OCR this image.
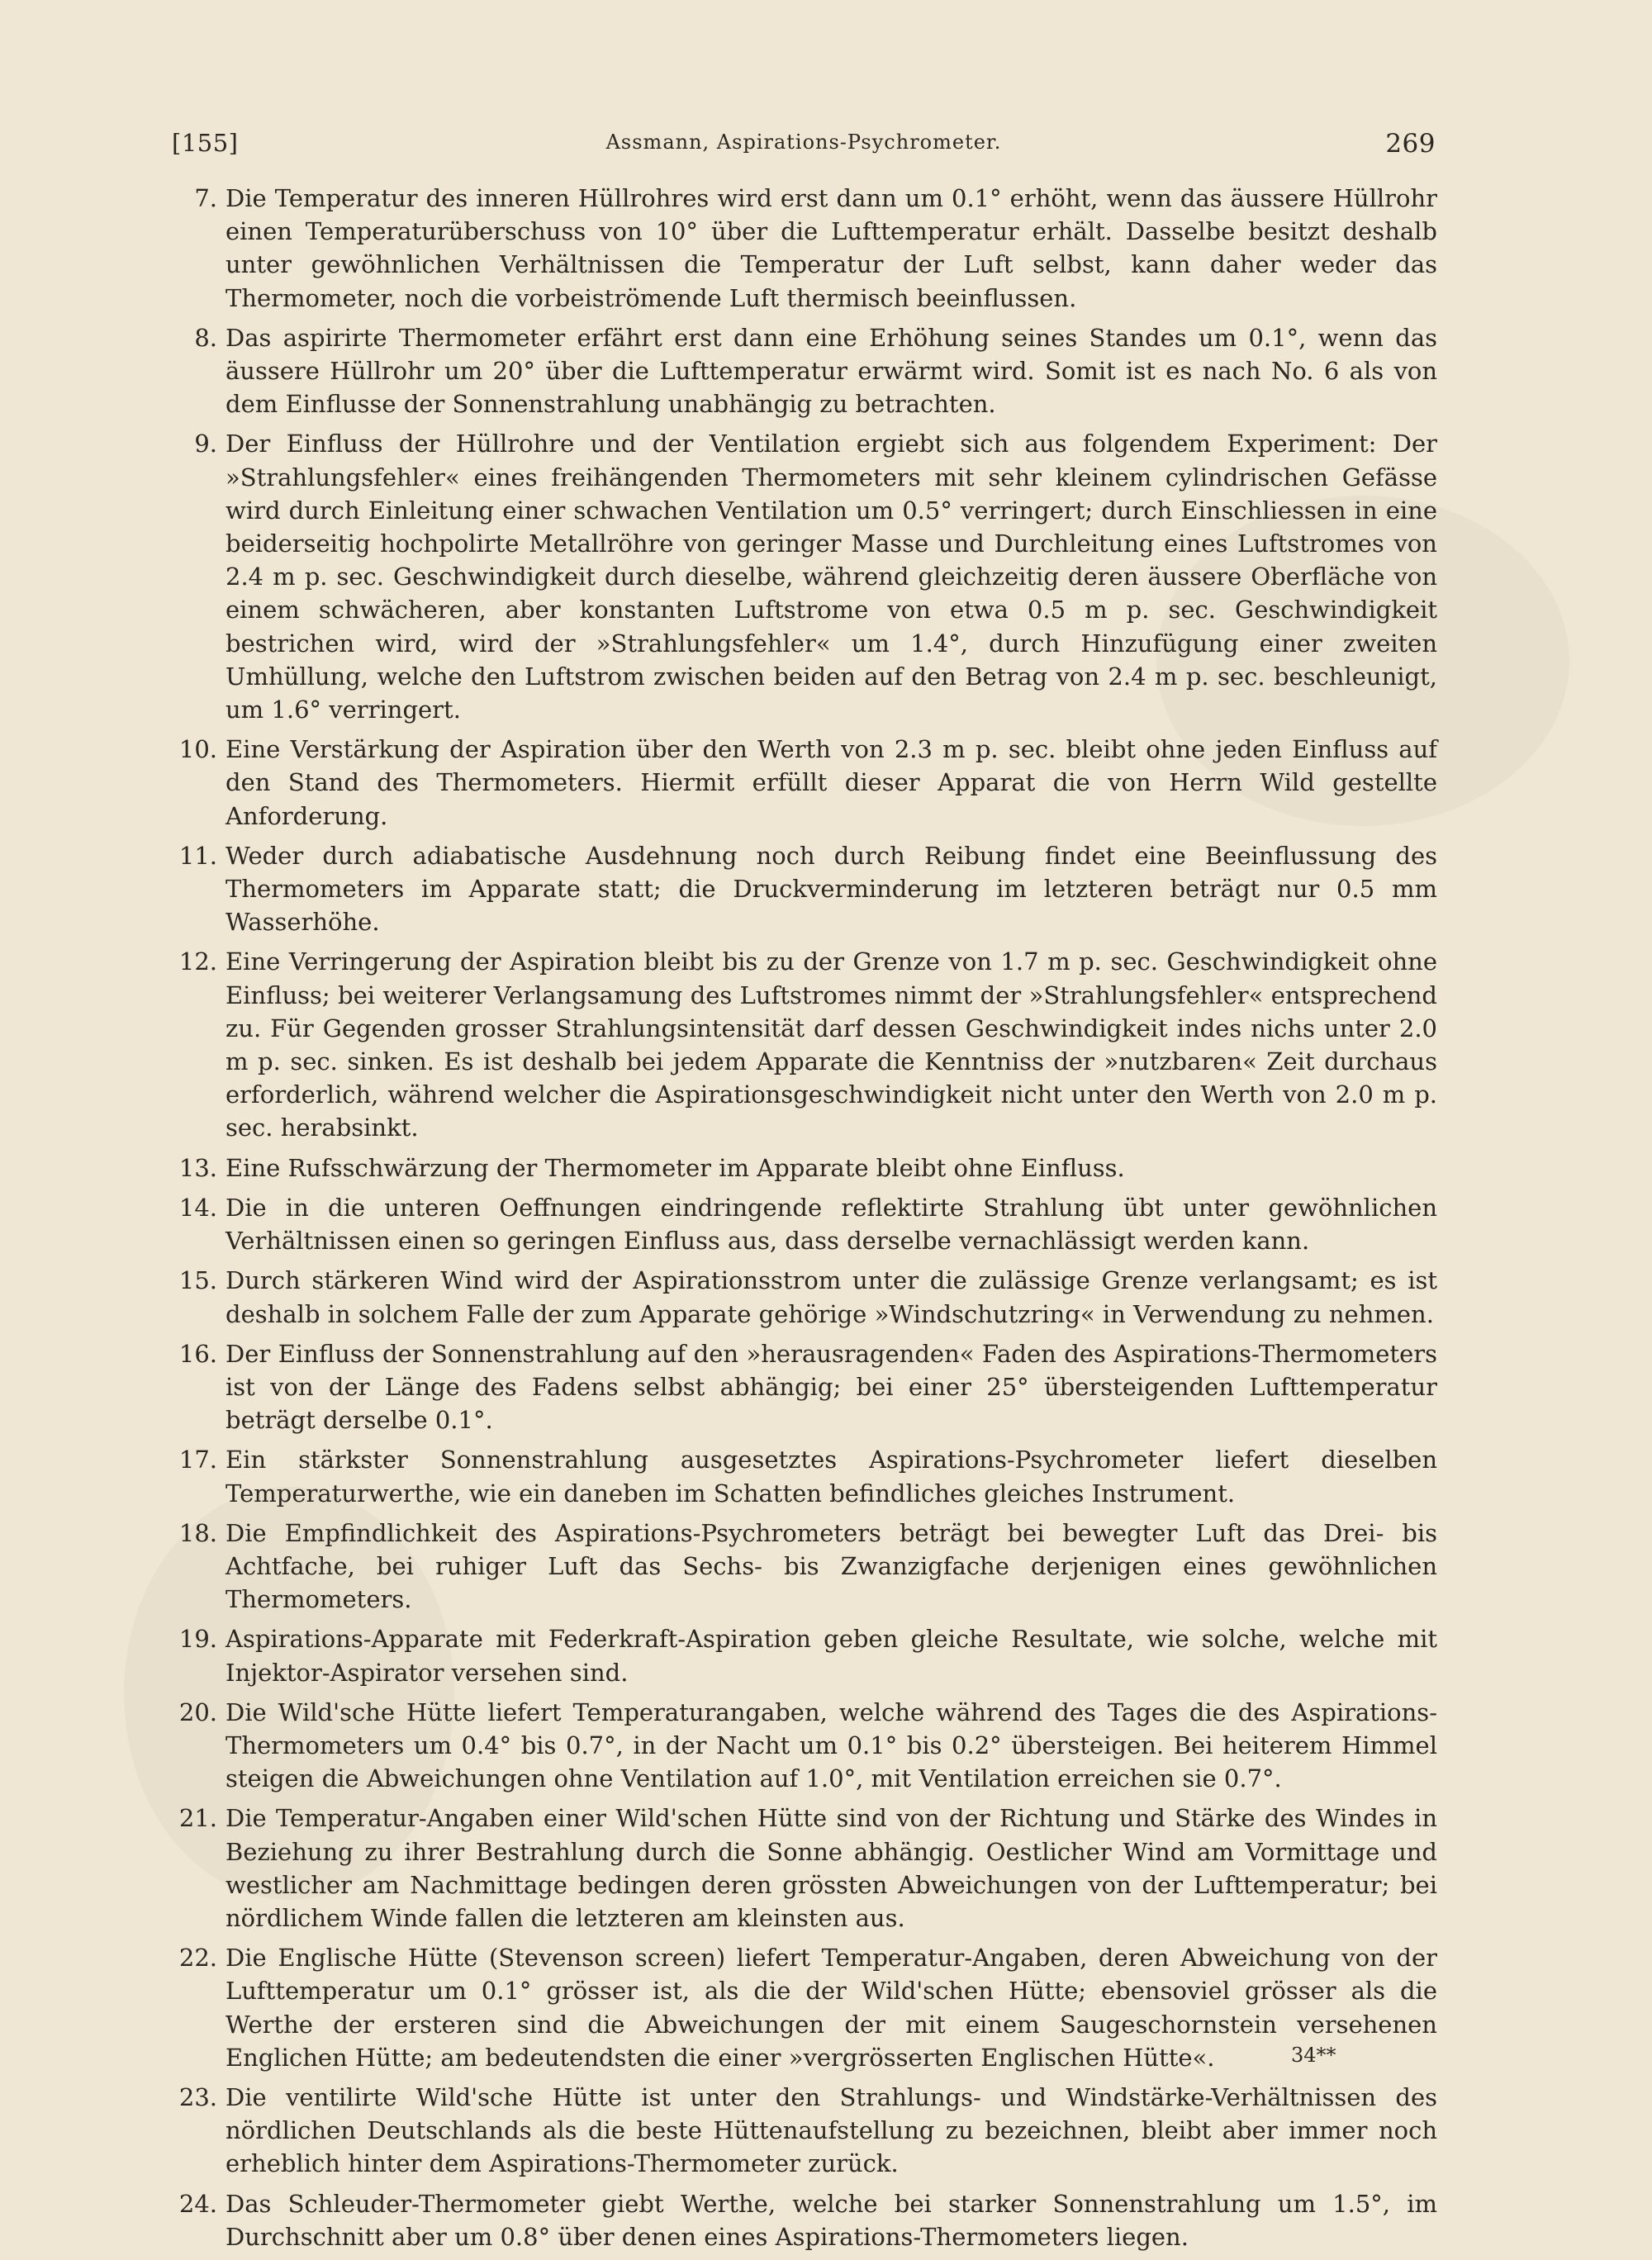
[155]	Assmann, Aspirations-Psychrometer.	269
7. Die Temperatur des inneren Hüllrohres wird erst dann um 0.1° erhöht, wenn das äussere Hüllrohr einen Temperaturüberschuss von 10° über die Lufttemperatur erhält. Dasselbe besitzt deshalb unter gewöhnlichen Verhältnissen die Temperatur der Luft selbst, kann daher weder das Thermometer, noch die vorbeiströmende Luft thermisch beeinflussen.
8. Das aspirirte Thermometer erfährt erst dann eine Erhöhung seines Standes um 0.1°, wenn das äussere Hüllrohr um 20° über die Lufttemperatur erwärmt wird. Somit ist es nach No. 6 als von dem Einflusse der Sonnenstrahlung unabhängig zu betrachten.
9. Der Einfluss der Hüllrohre und der Ventilation ergiebt sich aus folgendem Experiment: Der »Strahlungsfehler« eines freihängenden Thermometers mit sehr kleinem cylindrischen Gefässe wird durch Einleitung einer schwachen Ventilation um 0.5° verringert; durch Einschliessen in eine beiderseitig hochpolirte Metallröhre von geringer Masse und Durchleitung eines Luftstromes von 2.4 m p. sec. Geschwindigkeit durch dieselbe, während gleichzeitig deren äussere Oberfläche von einem schwächeren, aber konstanten Luftstrome von etwa 0.5 m p. sec. Geschwindigkeit bestrichen wird, wird der »Strahlungsfehler« um 1.4°, durch Hinzufügung einer zweiten Umhüllung, welche den Luftstrom zwischen beiden auf den Betrag von 2.4 m p. sec. beschleunigt, um 1.6° verringert.
10. Eine Verstärkung der Aspiration über den Werth von 2.3 m p. sec. bleibt ohne jeden Einfluss auf den Stand des Thermometers. Hiermit erfüllt dieser Apparat die von Herrn Wild gestellte Anforderung.
11. Weder durch adiabatische Ausdehnung noch durch Reibung findet eine Beeinflussung des Thermometers im Apparate statt; die Druckverminderung im letzteren beträgt nur 0.5 mm Wasserhöhe.
12. Eine Verringerung der Aspiration bleibt bis zu der Grenze von 1.7 m p. sec. Geschwindigkeit ohne Einfluss; bei weiterer Verlangsamung des Luftstromes nimmt der »Strahlungsfehler« entsprechend zu. Für Gegenden grosser Strahlungsintensität darf dessen Geschwindigkeit indes nichs unter 2.0 m p. sec. sinken. Es ist deshalb bei jedem Apparate die Kenntniss der »nutzbaren« Zeit durchaus erforderlich, während welcher die Aspirationsgeschwindigkeit nicht unter den Werth von 2.0 m p. sec. herabsinkt.
13. Eine Rufsschwärzung der Thermometer im Apparate bleibt ohne Einfluss.
14. Die in die unteren Oeffnungen eindringende reflektirte Strahlung übt unter gewöhnlichen Verhältnissen einen so geringen Einfluss aus, dass derselbe vernachlässigt werden kann.
15. Durch stärkeren Wind wird der Aspirationsstrom unter die zulässige Grenze verlangsamt; es ist deshalb in solchem Falle der zum Apparate gehörige »Windschutzring« in Verwendung zu nehmen.
16. Der Einfluss der Sonnenstrahlung auf den »herausragenden« Faden des Aspirations-Thermometers ist von der Länge des Fadens selbst abhängig; bei einer 25° übersteigenden Lufttemperatur beträgt derselbe 0.1°.
17. Ein stärkster Sonnenstrahlung ausgesetztes Aspirations-Psychrometer liefert dieselben Temperaturwerthe, wie ein daneben im Schatten befindliches gleiches Instrument.
18. Die Empfindlichkeit des Aspirations-Psychrometers beträgt bei bewegter Luft das Drei- bis Achtfache, bei ruhiger Luft das Sechs- bis Zwanzigfache derjenigen eines gewöhnlichen Thermometers.
19. Aspirations-Apparate mit Federkraft-Aspiration geben gleiche Resultate, wie solche, welche mit Injektor-Aspirator versehen sind.
20. Die Wild'sche Hütte liefert Temperaturangaben, welche während des Tages die des Aspirations-Thermometers um 0.4° bis 0.7°, in der Nacht um 0.1° bis 0.2° übersteigen. Bei heiterem Himmel steigen die Abweichungen ohne Ventilation auf 1.0°, mit Ventilation erreichen sie 0.7°.
21. Die Temperatur-Angaben einer Wild'schen Hütte sind von der Richtung und Stärke des Windes in Beziehung zu ihrer Bestrahlung durch die Sonne abhängig. Oestlicher Wind am Vormittage und westlicher am Nachmittage bedingen deren grössten Abweichungen von der Lufttemperatur; bei nördlichem Winde fallen die letzteren am kleinsten aus.
22. Die Englische Hütte (Stevenson screen) liefert Temperatur-Angaben, deren Abweichung von der Lufttemperatur um 0.1° grösser ist, als die der Wild'schen Hütte; ebensoviel grösser als die Werthe der ersteren sind die Abweichungen der mit einem Saugeschornstein versehenen Englichen Hütte; am bedeutendsten die einer »vergrösserten Englischen Hütte«.
23. Die ventilirte Wild'sche Hütte ist unter den Strahlungs- und Windstärke-Verhältnissen des nördlichen Deutschlands als die beste Hüttenaufstellung zu bezeichnen, bleibt aber immer noch erheblich hinter dem Aspirations-Thermometer zurück.
24. Das Schleuder-Thermometer giebt Werthe, welche bei starker Sonnenstrahlung um 1.5°, im Durchschnitt aber um 0.8° über denen eines Aspirations-Thermometers liegen.
34**
